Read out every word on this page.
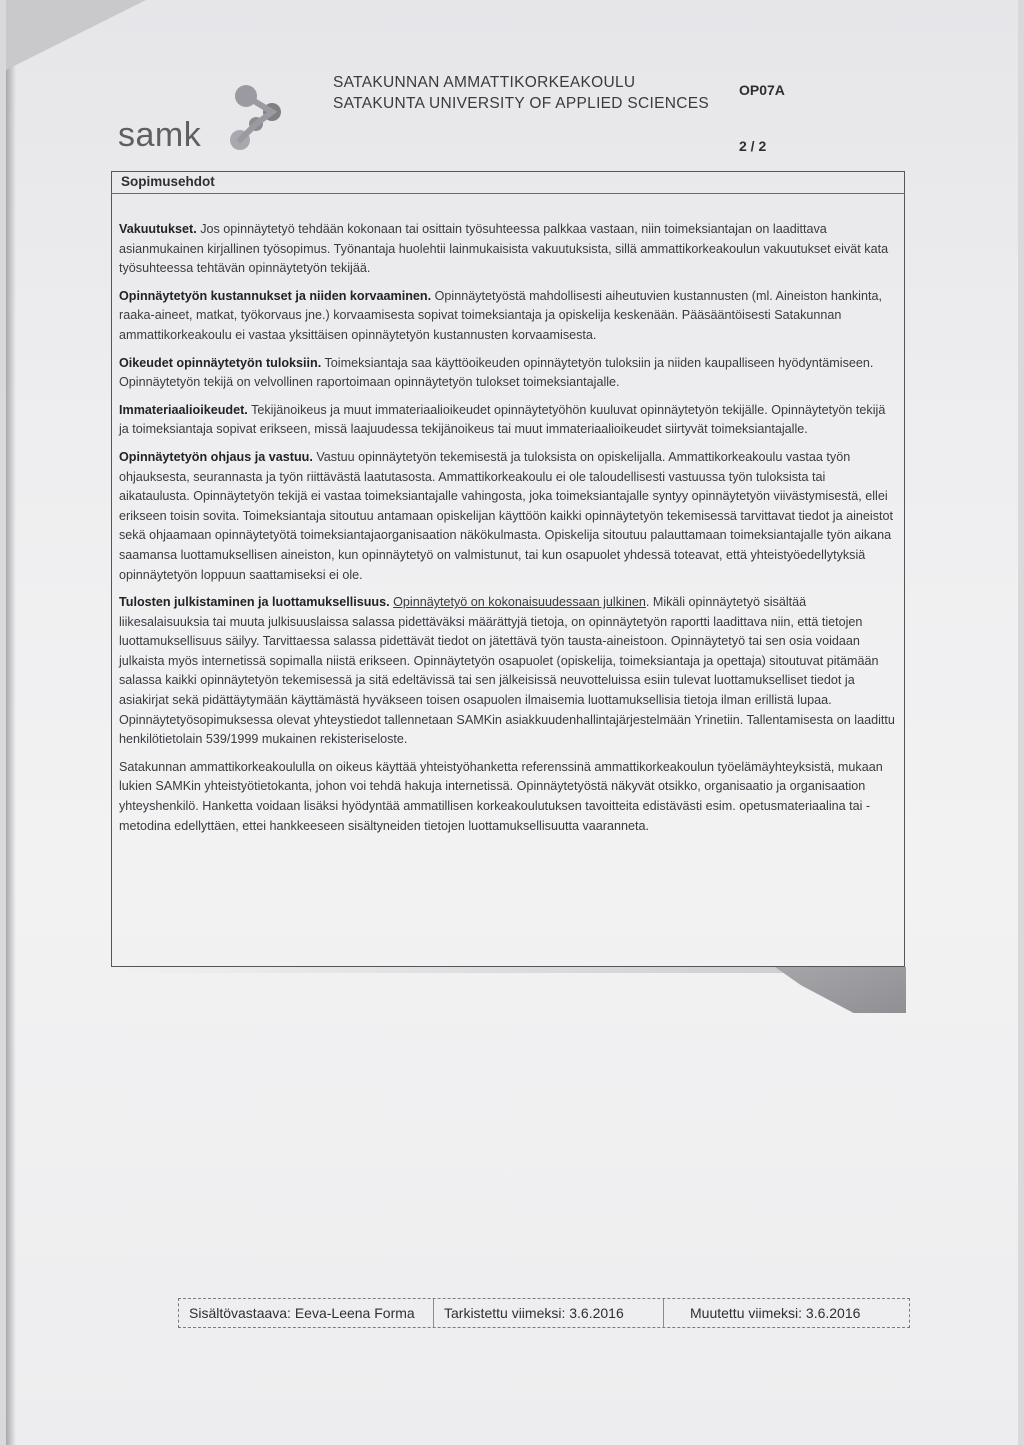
samk
SATAKUNNAN AMMATTIKORKEAKOULU
SATAKUNTA UNIVERSITY OF APPLIED SCIENCES
OP07A
2 / 2
Sopimusehdot

Vakuutukset. Jos opinnäytetyö tehdään kokonaan tai osittain työsuhteessa palkkaa vastaan, niin toimeksiantajan on laadittava asianmukainen kirjallinen työsopimus. Työnantaja huolehtii lainmukaisista vakuutuksista, sillä ammattikorkeakoulun vakuutukset eivät kata työsuhteessa tehtävän opinnäytetyön tekijää.

Opinnäytetyön kustannukset ja niiden korvaaminen. Opinnäytetyöstä mahdollisesti aiheutuvien kustannusten (ml. Aineiston hankinta, raaka-aineet, matkat, työkorvaus jne.) korvaamisesta sopivat toimeksiantaja ja opiskelija keskenään. Pääsääntöisesti Satakunnan ammattikorkeakoulu ei vastaa yksittäisen opinnäytetyön kustannusten korvaamisesta.

Oikeudet opinnäytetyön tuloksiin. Toimeksiantaja saa käyttöoikeuden opinnäytetyön tuloksiin ja niiden kaupalliseen hyödyntämiseen. Opinnäytetyön tekijä on velvollinen raportoimaan opinnäytetyön tulokset toimeksiantajalle.

Immateriaalioikeudet. Tekijänoikeus ja muut immateriaalioikeudet opinnäytetyöhön kuuluvat opinnäytetyön tekijälle. Opinnäytetyön tekijä ja toimeksiantaja sopivat erikseen, missä laajuudessa tekijänoikeus tai muut immateriaalioikeudet siirtyvät toimeksiantajalle.

Opinnäytetyön ohjaus ja vastuu. Vastuu opinnäytetyön tekemisestä ja tuloksista on opiskelijalla. Ammattikorkeakoulu vastaa työn ohjauksesta, seurannasta ja työn riittävästä laatutasosta. Ammattikorkeakoulu ei ole taloudellisesti vastuussa työn tuloksista tai aikataulusta. Opinnäytetyön tekijä ei vastaa toimeksiantajalle vahingosta, joka toimeksiantajalle syntyy opinnäytetyön viivästymisestä, ellei erikseen toisin sovita. Toimeksiantaja sitoutuu antamaan opiskelijan käyttöön kaikki opinnäytetyön tekemisessä tarvittavat tiedot ja aineistot sekä ohjaamaan opinnäytetyötä toimeksiantajaorganisaation näkökulmasta. Opiskelija sitoutuu palauttamaan toimeksiantajalle työn aikana saamansa luottamuksellisen aineiston, kun opinnäytetyö on valmistunut, tai kun osapuolet yhdessä toteavat, että yhteistyöedellytyksiä opinnäytetyön loppuun saattamiseksi ei ole.

Tulosten julkistaminen ja luottamuksellisuus. Opinnäytetyö on kokonaisuudessaan julkinen. Mikäli opinnäytetyö sisältää liikesalaisuuksia tai muuta julkisuuslaissa salassa pidettäväksi määrättyjä tietoja, on opinnäytetyön raportti laadittava niin, että tietojen luottamuksellisuus säilyy. Tarvittaessa salassa pidettävät tiedot on jätettävä työn tausta-aineistoon. Opinnäytetyö tai sen osia voidaan julkaista myös internetissä sopimalla niistä erikseen. Opinnäytetyön osapuolet (opiskelija, toimeksiantaja ja opettaja) sitoutuvat pitämään salassa kaikki opinnäytetyön tekemisessä ja sitä edeltävissä tai sen jälkeisissä neuvotteluissa esiin tulevat luottamukselliset tiedot ja asiakirjat sekä pidättäytymään käyttämästä hyväkseen toisen osapuolen ilmaisemia luottamuksellisia tietoja ilman erillistä lupaa. Opinnäytetyösopimuksessa olevat yhteystiedot tallennetaan SAMKin asiakkuudenhallintajärjestelmään Yrinetiin. Tallentamisesta on laadittu henkilötietolain 539/1999 mukainen rekisteriseloste.

Satakunnan ammattikorkeakoululla on oikeus käyttää yhteistyöhanketta referenssinä ammattikorkeakoulun työelämäyhteyksistä, mukaan lukien SAMKin yhteistyötietokanta, johon voi tehdä hakuja internetissä. Opinnäytetyöstä näkyvät otsikko, organisaatio ja organisaation yhteyshenkilö. Hanketta voidaan lisäksi hyödyntää ammatillisen korkeakoulutuksen tavoitteita edistävästi esim. opetusmateriaalina tai -metodina edellyttäen, ettei hankkeeseen sisältyneiden tietojen luottamuksellisuutta vaaranneta.

Sisältövastaava: Eeva-Leena Forma	Tarkistettu viimeksi: 3.6.2016	Muutettu viimeksi: 3.6.2016
